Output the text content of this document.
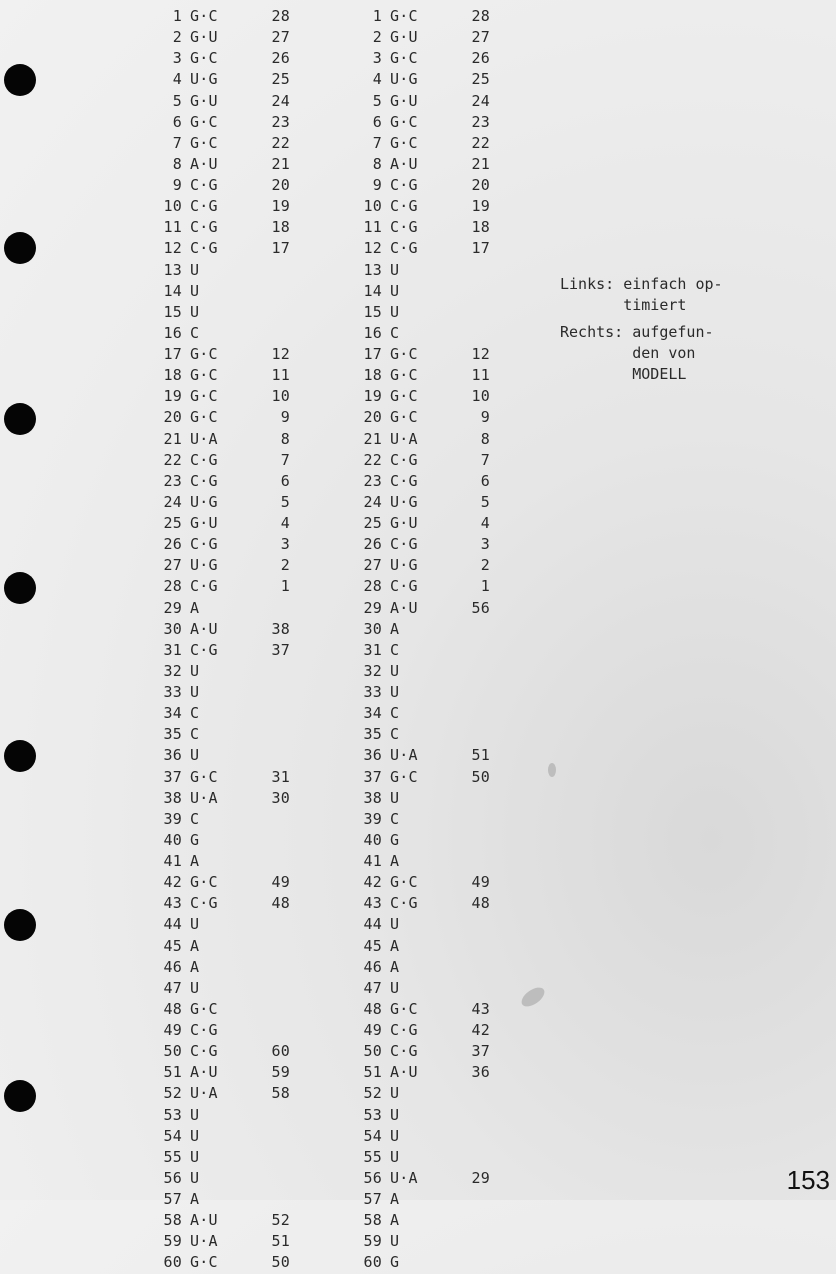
1 G·C	28
2 G·U	27
3 G·C	26
4 U·G	25
5 G·U	24
6 G·C	23
7 G·C	22
8 A·U	21
9 C·G	20
10 C·G	19
11 C·G	18
12 C·G	17
13 U
14 U
15 U
16 C
17 G·C	12
18 G·C	11
19 G·C	10
20 G·C	9
21 U·A	8
22 C·G	7
23 C·G	6
24 U·G	5
25 G·U	4
26 C·G	3
27 U·G	2
28 C·G	1
29 A
30 A·U	38
31 C·G	37
32 U
33 U
34 C
35 C
36 U
37 G·C	31
38 U·A	30
39 C
40 G
41 A
42 G·C	49
43 C·G	48
44 U
45 A
46 A
47 U
48 G·C
49 C·G
50 C·G	60
51 A·U	59
52 U·A	58
53 U
54 U
55 U
56 U
57 A
58 A·U	52
59 U·A	51
60 G·C	50
1 G·C	28
2 G·U	27
3 G·C	26
4 U·G	25
5 G·U	24
6 G·C	23
7 G·C	22
8 A·U	21
9 C·G	20
10 C·G	19
11 C·G	18
12 C·G	17
13 U
14 U
15 U
16 C
17 G·C	12
18 G·C	11
19 G·C	10
20 G·C	9
21 U·A	8
22 C·G	7
23 C·G	6
24 U·G	5
25 G·U	4
26 C·G	3
27 U·G	2
28 C·G	1
29 A·U	56
30 A
31 C
32 U
33 U
34 C
35 C
36 U·A	51
37 G·C	50
38 U
39 C
40 G
41 A
42 G·C	49
43 C·G	48
44 U
45 A
46 A
47 U
48 G·C	43
49 C·G	42
50 C·G	37
51 A·U	36
52 U
53 U
54 U
55 U
56 U·A	29
57 A
58 A
59 U
60 G
Links: einfach op-
timiert
Rechts: aufgefun-
den von
MODELL
153
